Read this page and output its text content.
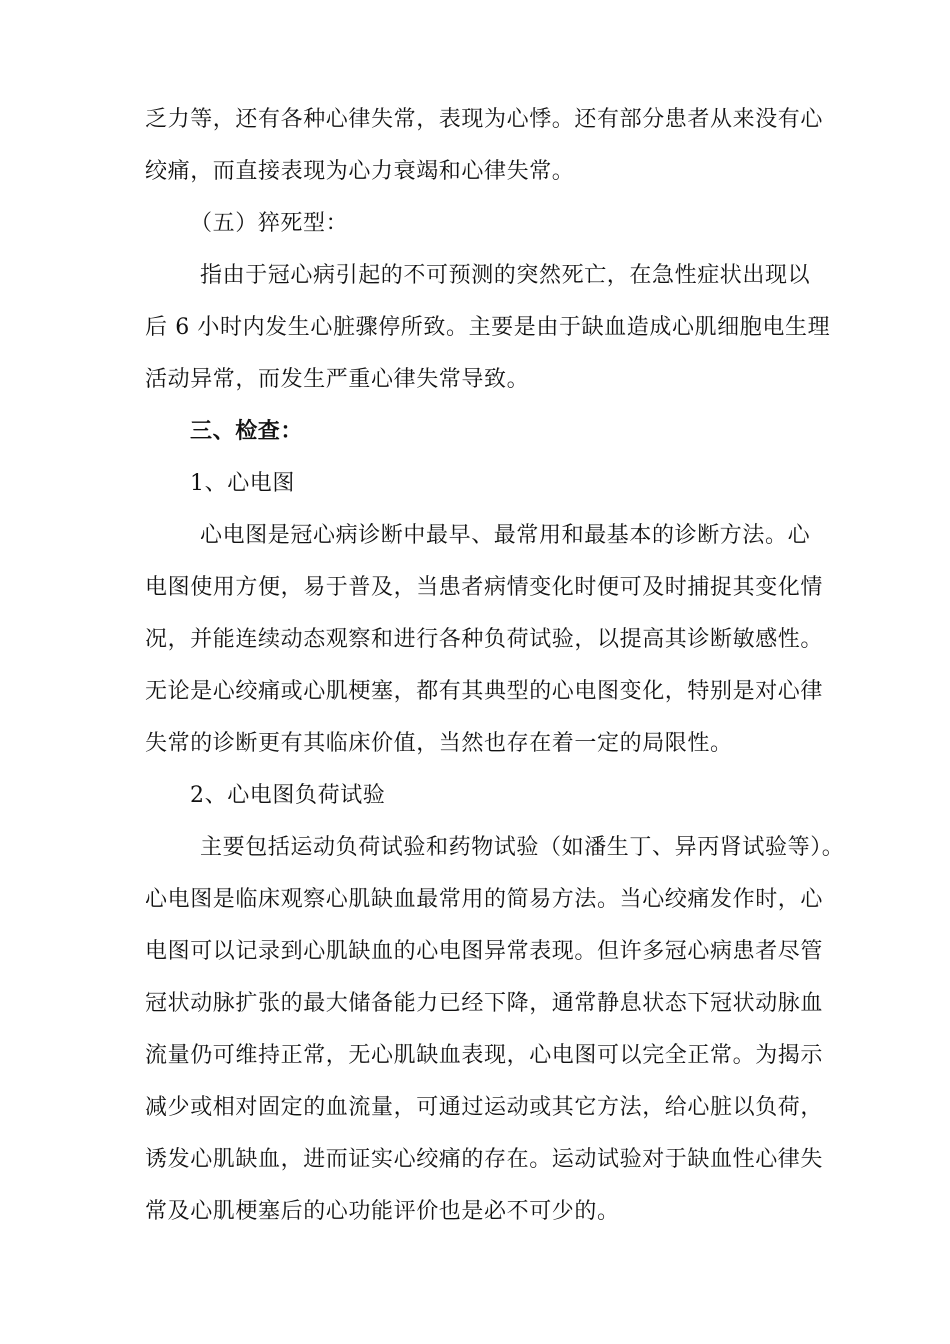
乏力等，还有各种心律失常，表现为心悸。还有部分患者从来没有心
绞痛，而直接表现为心力衰竭和心律失常。
（五）猝死型：
指由于冠心病引起的不可预测的突然死亡，在急性症状出现以
后 6 小时内发生心脏骤停所致。主要是由于缺血造成心肌细胞电生理
活动异常，而发生严重心律失常导致。
三、检查：
1、心电图
心电图是冠心病诊断中最早、最常用和最基本的诊断方法。心
电图使用方便，易于普及，当患者病情变化时便可及时捕捉其变化情
况，并能连续动态观察和进行各种负荷试验，以提高其诊断敏感性。
无论是心绞痛或心肌梗塞，都有其典型的心电图变化，特别是对心律
失常的诊断更有其临床价值，当然也存在着一定的局限性。
2、心电图负荷试验
主要包括运动负荷试验和药物试验（如潘生丁、异丙肾试验等）。
心电图是临床观察心肌缺血最常用的简易方法。当心绞痛发作时，心
电图可以记录到心肌缺血的心电图异常表现。但许多冠心病患者尽管
冠状动脉扩张的最大储备能力已经下降，通常静息状态下冠状动脉血
流量仍可维持正常，无心肌缺血表现，心电图可以完全正常。为揭示
减少或相对固定的血流量，可通过运动或其它方法，给心脏以负荷，
诱发心肌缺血，进而证实心绞痛的存在。运动试验对于缺血性心律失
常及心肌梗塞后的心功能评价也是必不可少的。
